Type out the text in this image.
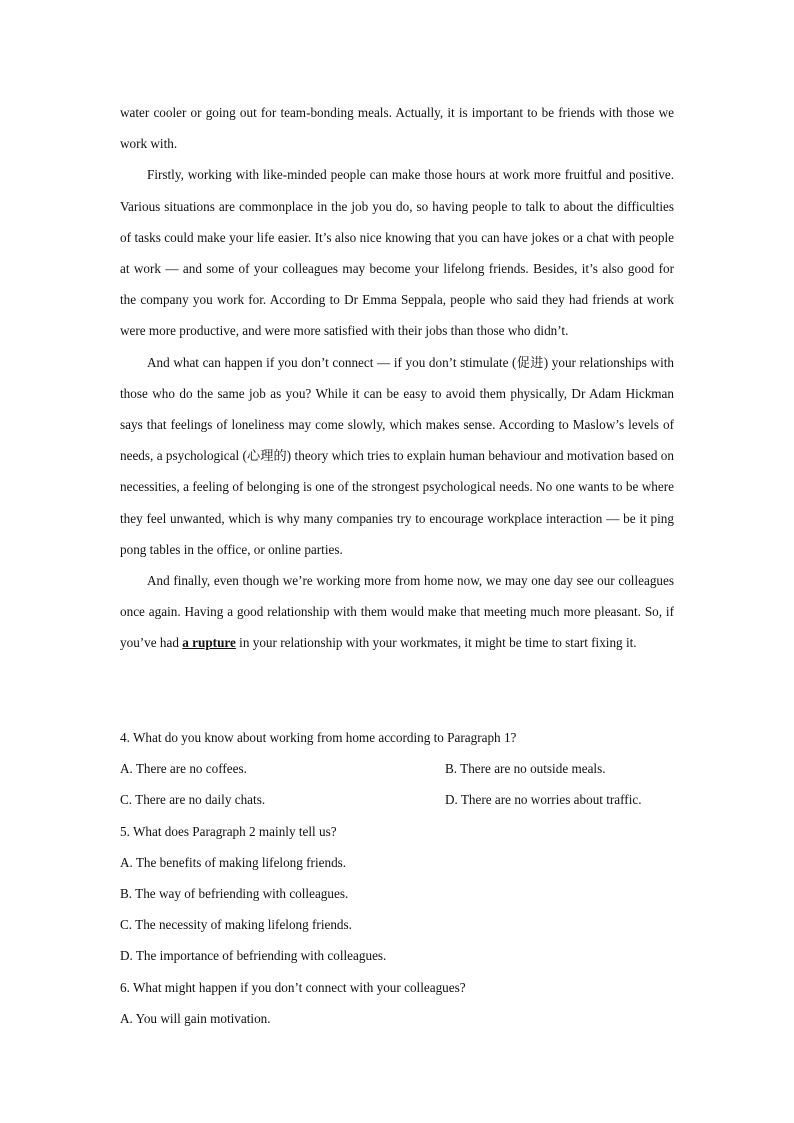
water cooler or going out for team-bonding meals. Actually, it is important to be friends with those we work with.

Firstly, working with like-minded people can make those hours at work more fruitful and positive. Various situations are commonplace in the job you do, so having people to talk to about the difficulties of tasks could make your life easier. It’s also nice knowing that you can have jokes or a chat with people at work — and some of your colleagues may become your lifelong friends. Besides, it’s also good for the company you work for. According to Dr Emma Seppala, people who said they had friends at work were more productive, and were more satisfied with their jobs than those who didn’t.

And what can happen if you don’t connect — if you don’t stimulate (促进) your relationships with those who do the same job as you? While it can be easy to avoid them physically, Dr Adam Hickman says that feelings of loneliness may come slowly, which makes sense. According to Maslow’s levels of needs, a psychological (心理的) theory which tries to explain human behaviour and motivation based on necessities, a feeling of belonging is one of the strongest psychological needs. No one wants to be where they feel unwanted, which is why many companies try to encourage workplace interaction — be it ping pong tables in the office, or online parties.

And finally, even though we’re working more from home now, we may one day see our colleagues once again. Having a good relationship with them would make that meeting much more pleasant. So, if you’ve had a rupture in your relationship with your workmates, it might be time to start fixing it.

4. What do you know about working from home according to Paragraph 1?
A. There are no coffees.	B. There are no outside meals.
C. There are no daily chats.	D. There are no worries about traffic.
5. What does Paragraph 2 mainly tell us?
A. The benefits of making lifelong friends.
B. The way of befriending with colleagues.
C. The necessity of making lifelong friends.
D. The importance of befriending with colleagues.
6. What might happen if you don’t connect with your colleagues?
A. You will gain motivation.
